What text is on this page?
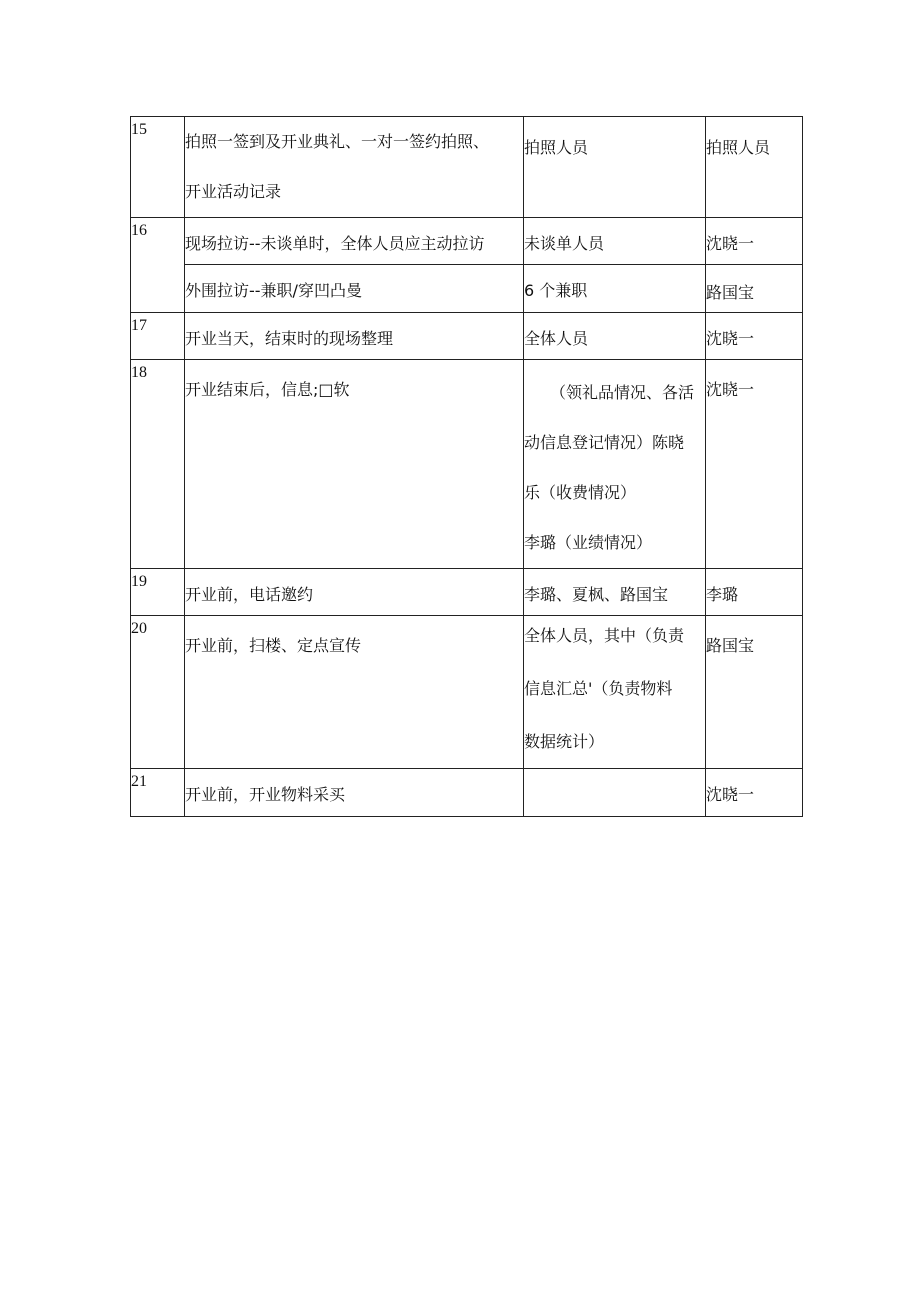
15	拍照一签到及开业典礼、一对一签约拍照、
开业活动记录	拍照人员	拍照人员

16	现场拉访--未谈单时，全体人员应主动拉访	未谈单人员	沈晓一

	外围拉访--兼职/穿凹凸曼	6 个兼职	路国宝

17	开业当天，结束时的现场整理	全体人员	沈晓一

18	开业结束后，信息;□软	（领礼品情况、各活
动信息登记情况）陈晓
乐（收费情况）
李璐（业绩情况）	沈晓一

19	开业前，电话邀约	李璐、夏枫、路国宝	李璐

20	开业前，扫楼、定点宣传	全体人员，其中（负责
信息汇总'（负责物料
数据统计）	路国宝

21	开业前，开业物料采买		沈晓一
